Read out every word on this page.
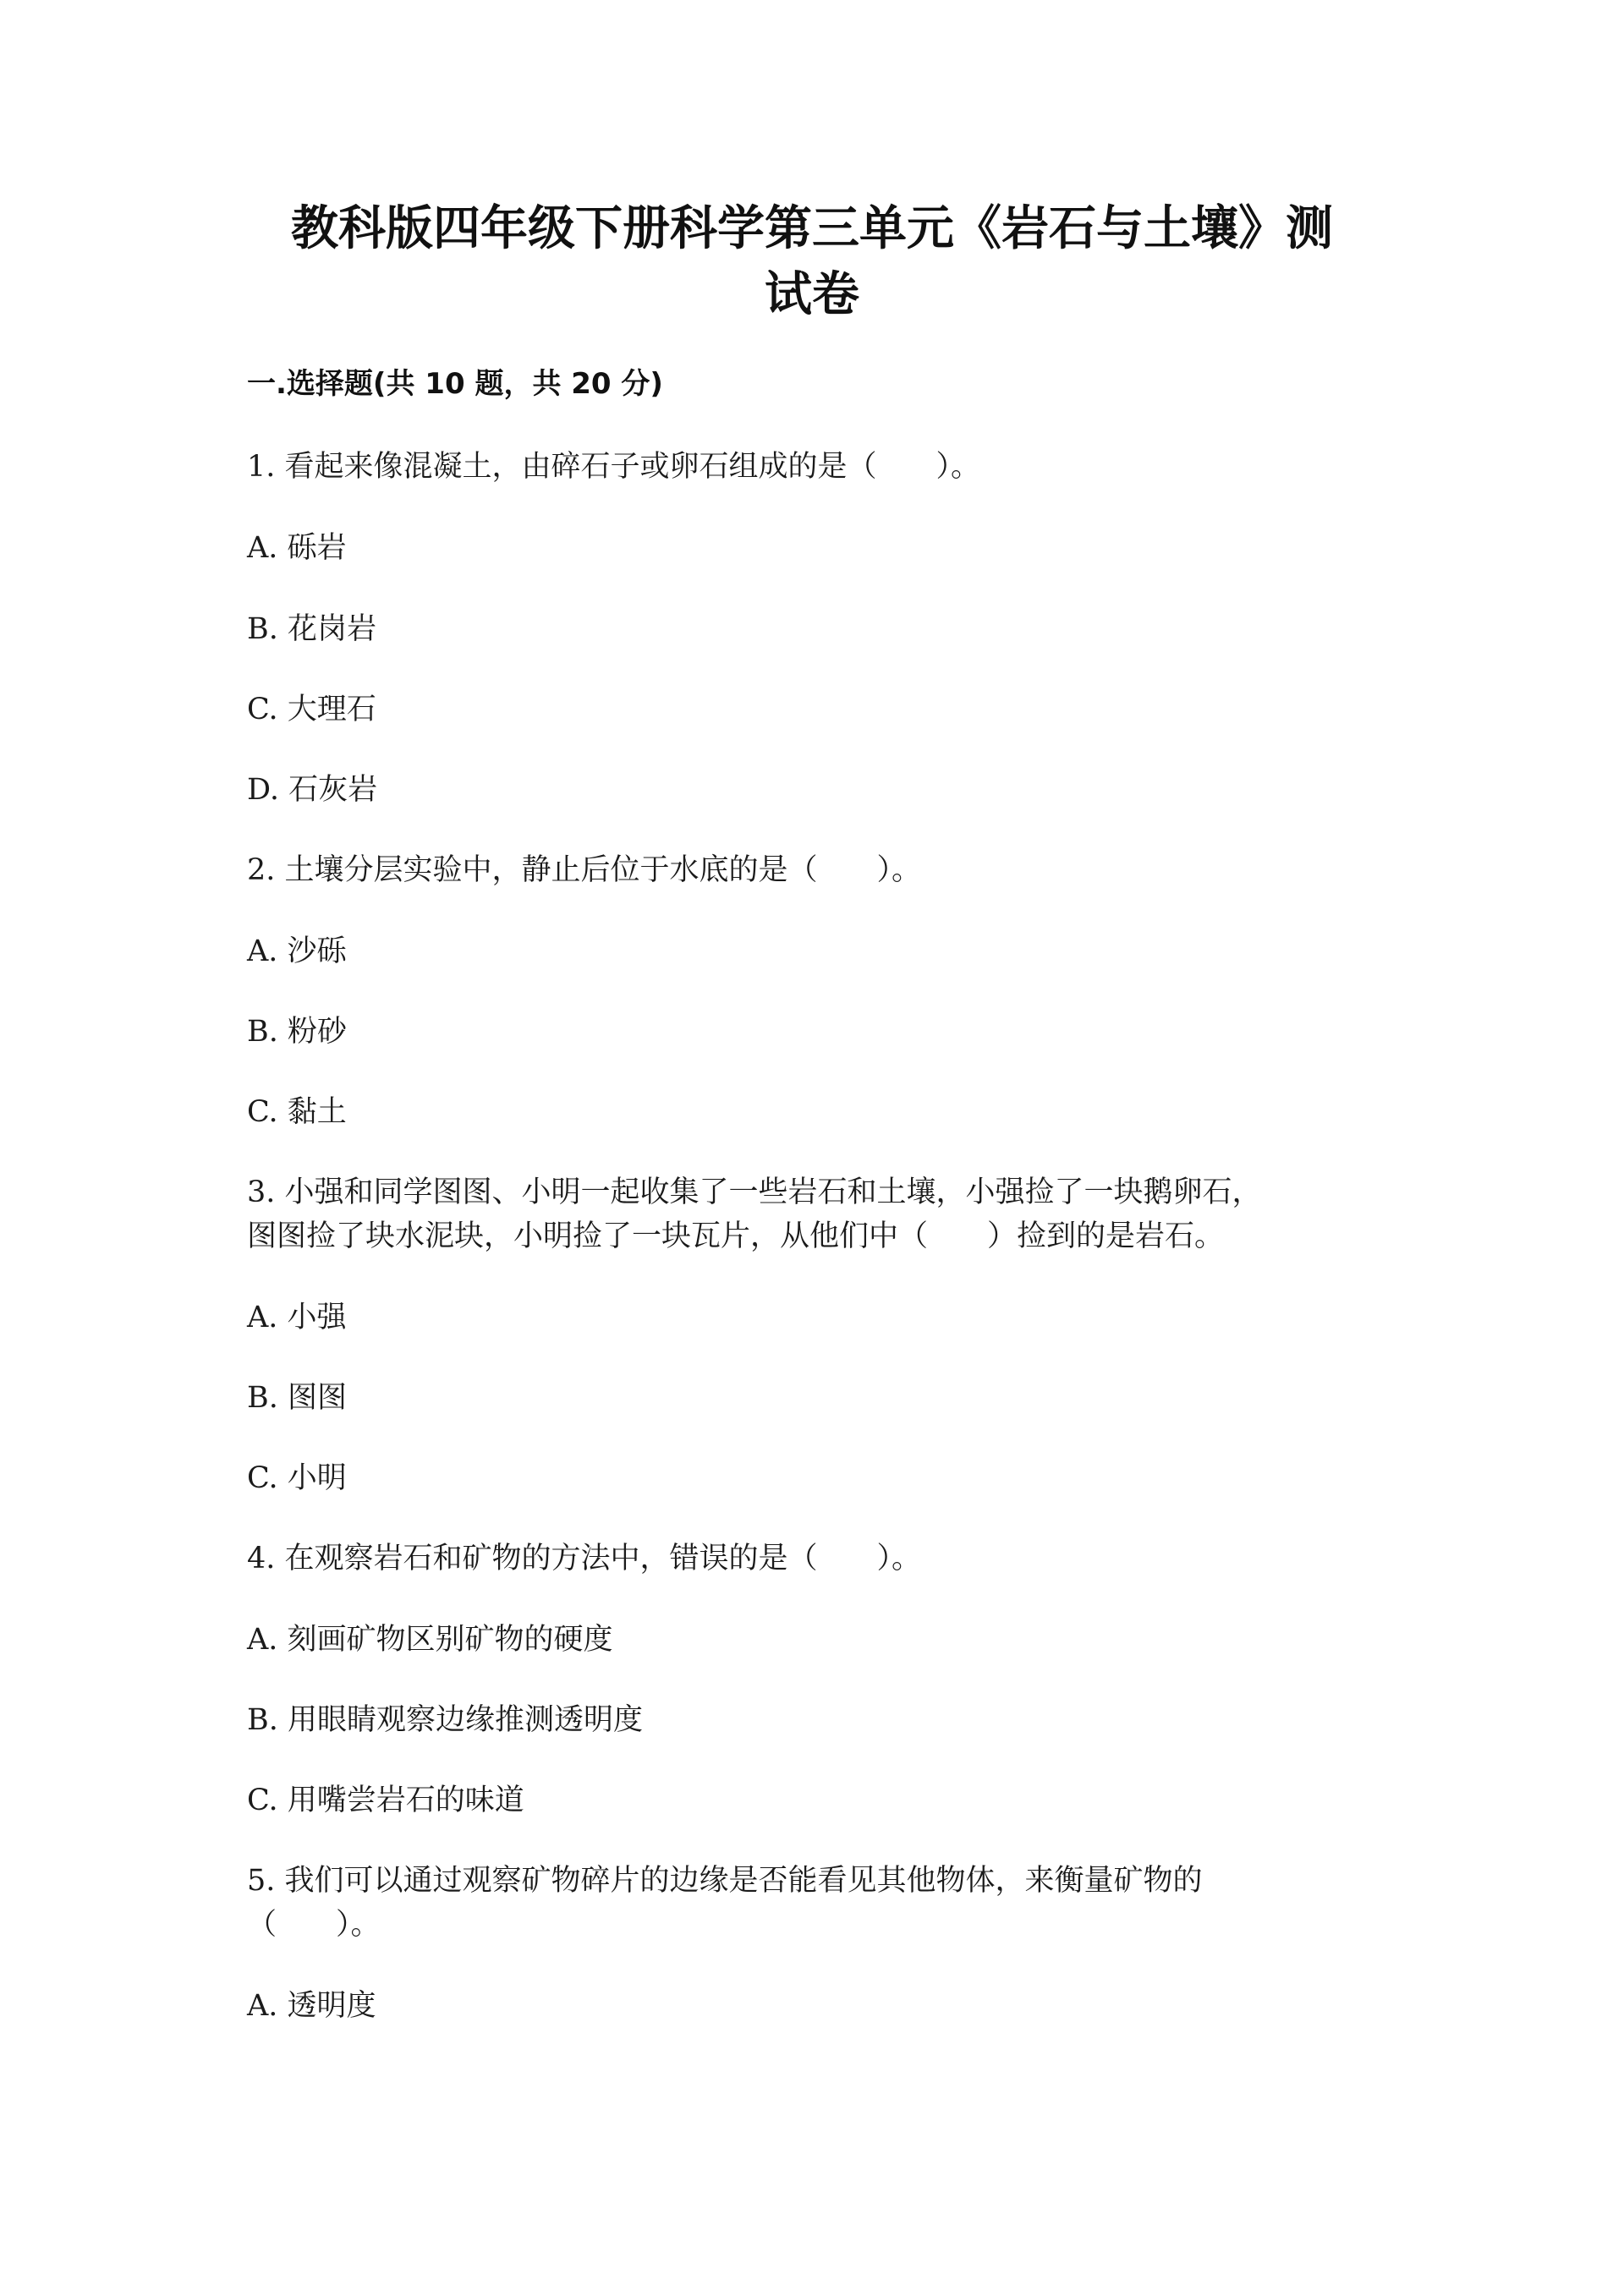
教科版四年级下册科学第三单元《岩石与土壤》测
试卷
一.选择题(共 10 题，共 20 分)
1. 看起来像混凝土，由碎石子或卵石组成的是（　　）。
A. 砾岩
B. 花岗岩
C. 大理石
D. 石灰岩
2. 土壤分层实验中，静止后位于水底的是（　　）。
A. 沙砾
B. 粉砂
C. 黏土
3. 小强和同学图图、小明一起收集了一些岩石和土壤，小强捡了一块鹅卵石，
图图捡了块水泥块，小明捡了一块瓦片，从他们中（　　）捡到的是岩石。
A. 小强
B. 图图
C. 小明
4. 在观察岩石和矿物的方法中，错误的是（　　）。
A. 刻画矿物区别矿物的硬度
B. 用眼睛观察边缘推测透明度
C. 用嘴尝岩石的味道
5. 我们可以通过观察矿物碎片的边缘是否能看见其他物体，来衡量矿物的
（　　）。
A. 透明度
